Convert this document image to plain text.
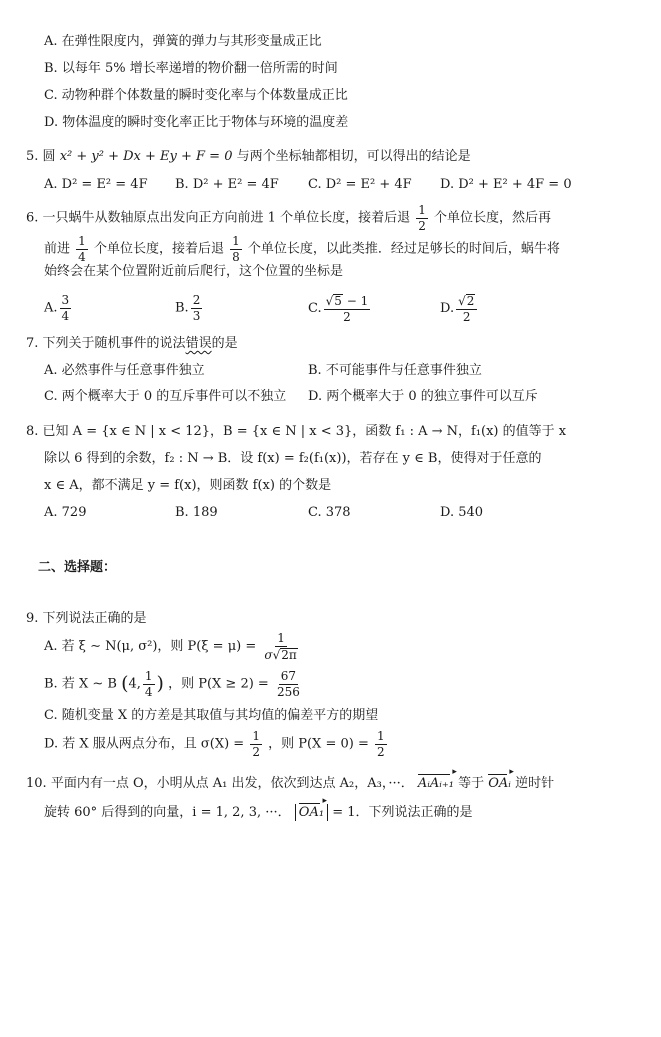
A. 在弹性限度内，弹簧的弹力与其形变量成正比
B. 以每年 5% 增长率递增的物价翻一倍所需的时间
C. 动物种群个体数量的瞬时变化率与个体数量成正比
D. 物体温度的瞬时变化率正比于物体与环境的温度差
5. 圆 x² + y² + Dx + Ey + F = 0 与两个坐标轴都相切，可以得出的结论是
A. D² = E² = 4F B. D² + E² = 4F C. D² = E² + 4F D. D² + E² + 4F = 0
6. 一只蜗牛从数轴原点出发向正方向前进 1 个单位长度，接着后退 $\frac{1}{2}$ 个单位长度，然后再
前进 $\frac{1}{4}$ 个单位长度，接着后退 $\frac{1}{8}$ 个单位长度，以此类推．经过足够长的时间后，蜗牛将
始终会在某个位置附近前后爬行，这个位置的坐标是
A. $\frac{3}{4}$	B. $\frac{2}{3}$	C. $\frac{√5 - 1}{2}$	D. $\frac{√2}{2}$
7. 下列关于随机事件的说法错误的是
A. 必然事件与任意事件独立	B. 不可能事件与任意事件独立
C. 两个概率大于 0 的互斥事件可以不独立 D. 两个概率大于 0 的独立事件可以互斥
8. 已知 A = {x ∈ N | x < 12}，B = {x ∈ N | x < 3}，函数 f₁ : A → N，f₁(x) 的值等于 x
除以 6 得到的余数，f₂ : N → B．设 f(x) = f₂(f₁(x))，若存在 y ∈ B，使得对于任意的
x ∈ A，都不满足 y = f(x)，则函数 f(x) 的个数是
A. 729	B. 189	C. 378	D. 540
二、选择题：
9. 下列说法正确的是
A. 若 ξ ∼ N(μ, σ²)，则 $P(\xi = \mu) = \frac{1}{\sigma√2\pi}$
B. 若 X ∼ B (4, $\frac{1}{4}$ ) ，则 $P(X \ge 2) = \frac{67}{256}$
C. 随机变量 X 的方差是其取值与其均值的偏差平方的期望
D. 若 X 服从两点分布，且 $\sigma(X) = \frac{1}{2}$ ，则 $P(X = 0) = \frac{1}{2}$
10. 平面内有一点 O，小明从点 A₁ 出发，依次到达点 A₂，A₃，···． AᵢAᵢ₊₁ ▸ 等于 OAᵢ ▸ 逆时针
旋转 60° 后得到的向量，i = 1, 2, 3, ···． OA₁ ▸ = 1．下列说法正确的是
